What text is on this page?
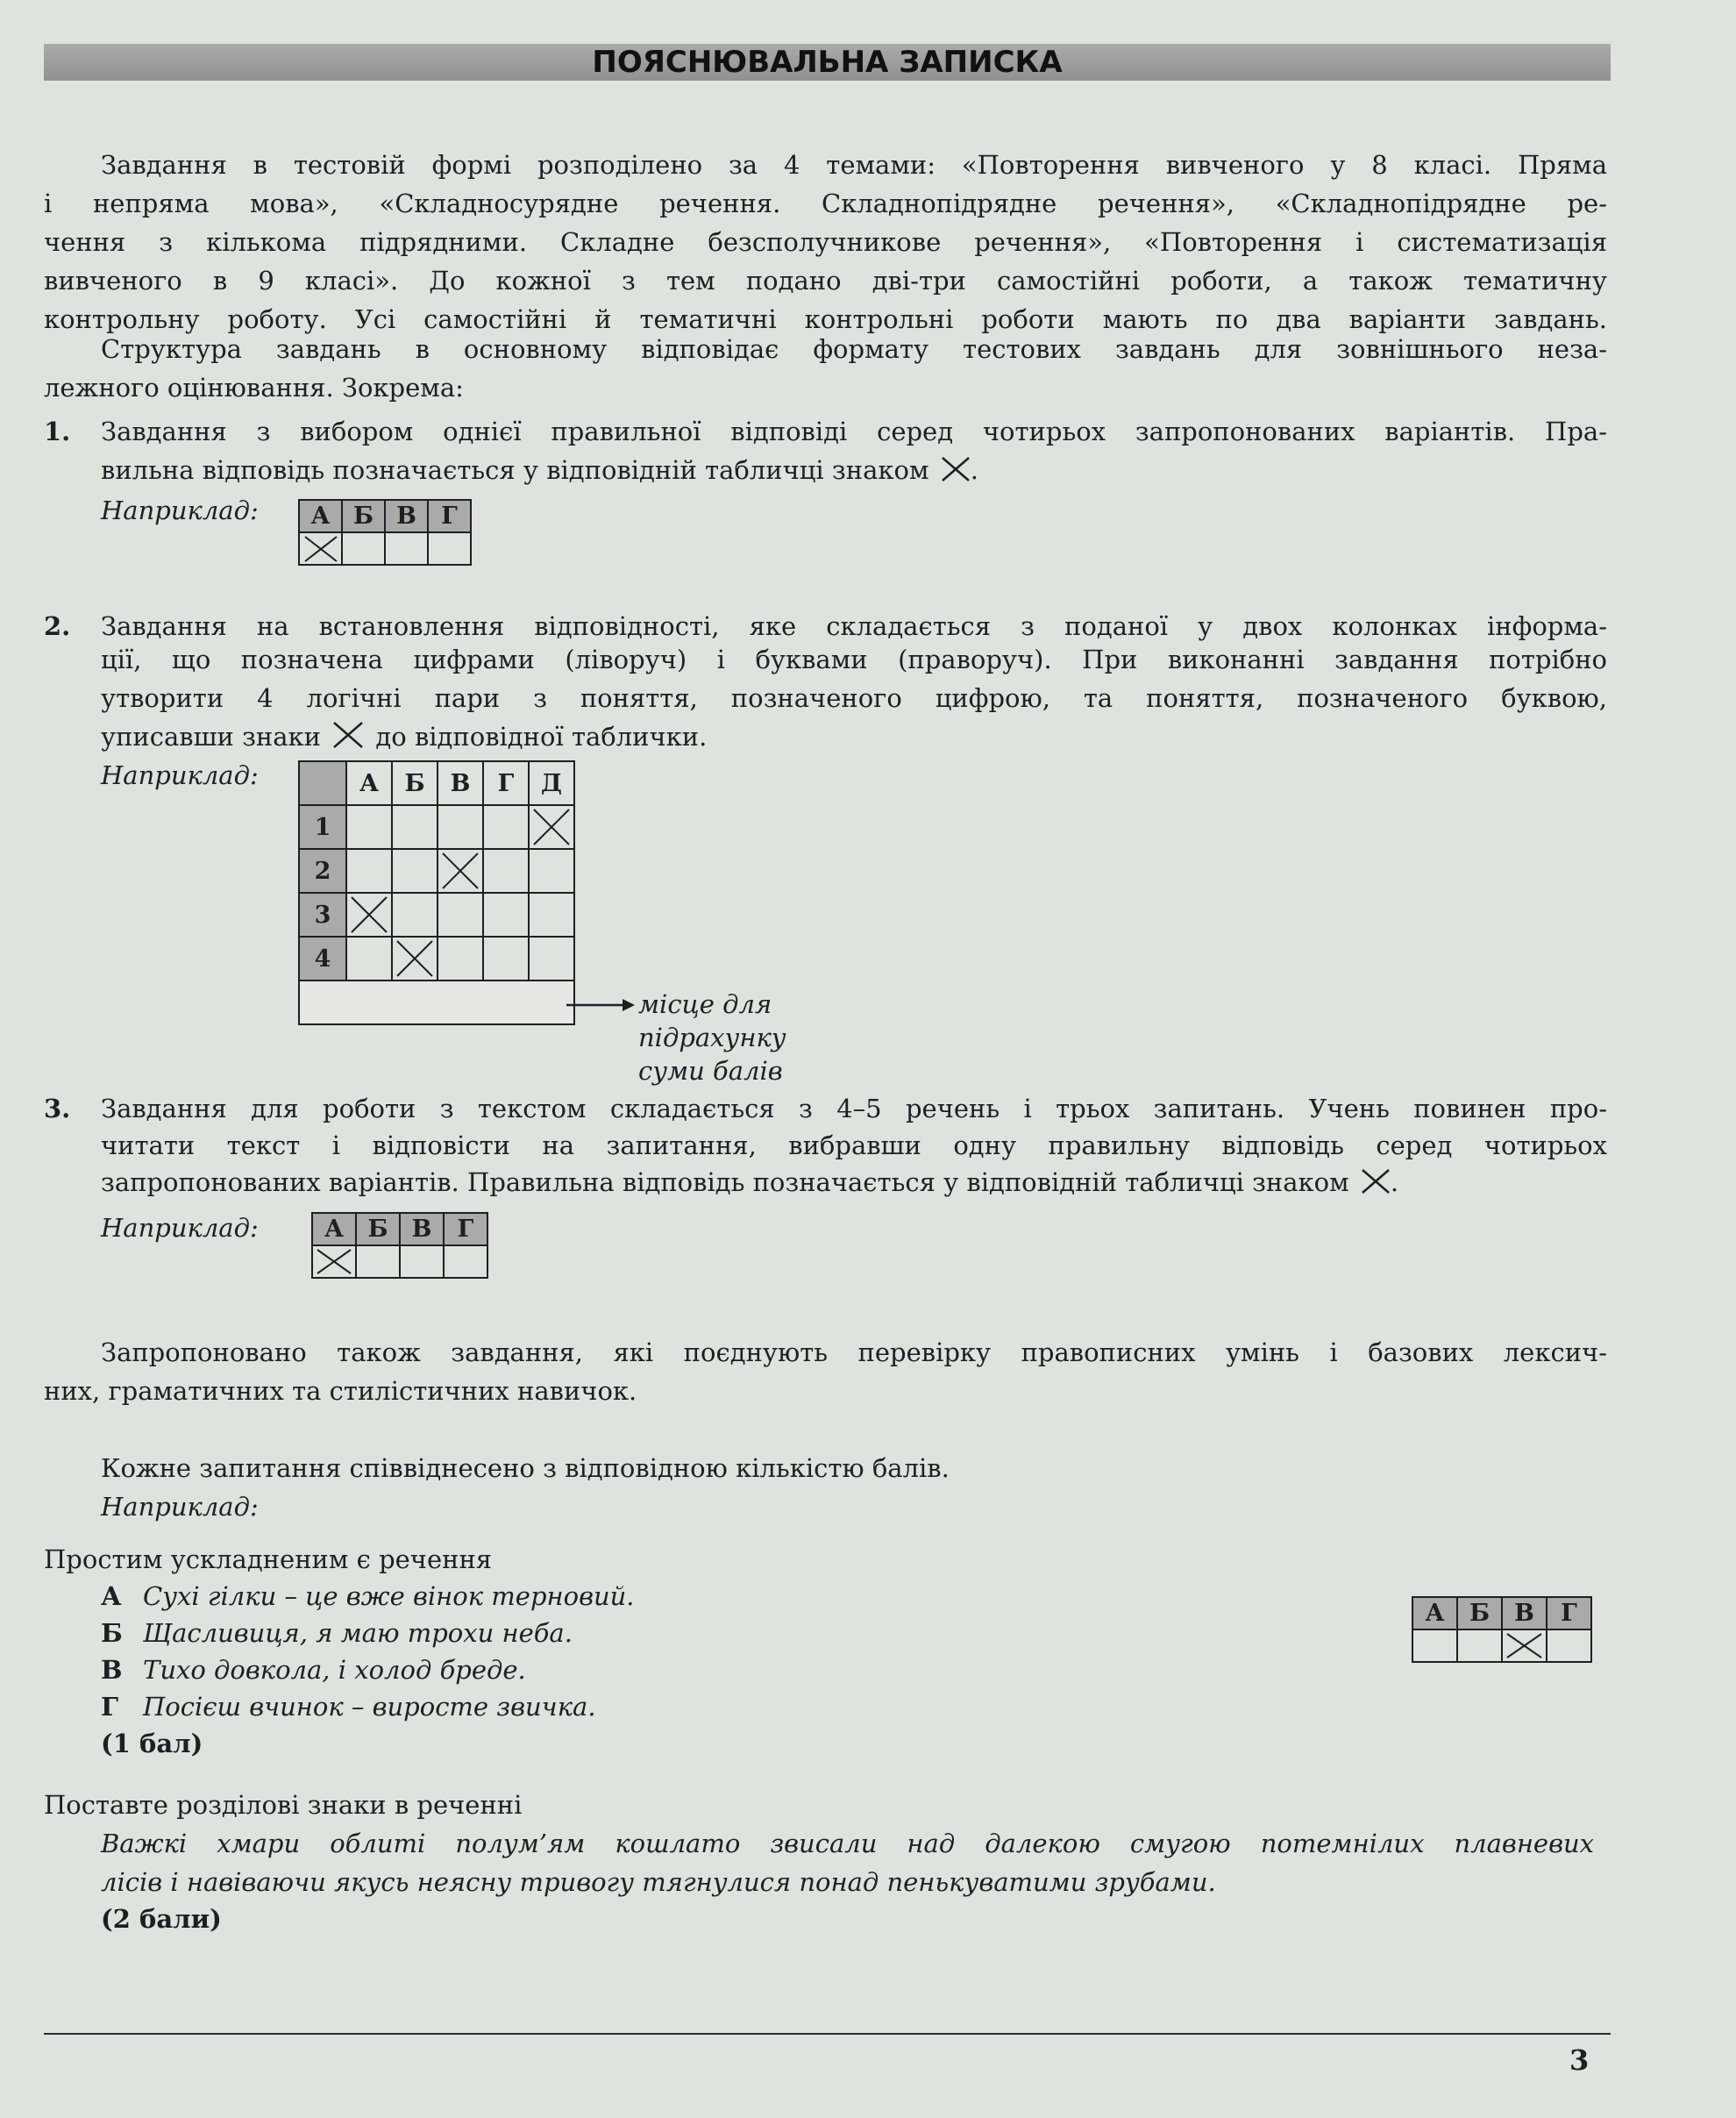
ПОЯСНЮВАЛЬНА ЗАПИСКА
Завдання в тестовій формі розподілено за 4 темами: «Повторення вивченого у 8 класі. Пряма
і непряма мова», «Складносурядне речення. Складнопідрядне речення», «Складнопідрядне ре-
чення з кількома підрядними. Складне безсполучникове речення», «Повторення і систематизація
вивченого в 9 класі». До кожної з тем подано дві-три самостійні роботи, а також тематичну
контрольну роботу. Усі самостійні й тематичні контрольні роботи мають по два варіанти завдань.
Структура завдань в основному відповідає формату тестових завдань для зовнішнього неза-
лежного оцінювання. Зокрема:
1. Завдання з вибором однієї правильної відповіді серед чотирьох запропонованих варіантів. Пра-
вильна відповідь позначається у відповідній табличці знаком .
Наприклад: А	Б	В	Г

2. Завдання на встановлення відповідності, яке складається з поданої у двох колонках інформа-
ції, що позначена цифрами (ліворуч) і буквами (праворуч). При виконанні завдання потрібно
утворити 4 логічні пари з поняття, позначеного цифрою, та поняття, позначеного буквою,
уписавши знаки до відповідної таблички.
Наприклад:
		А	Б	В	Г	Д
1					

2			

3	

4		

місце для
підрахунку
суми балів
3. Завдання для роботи з текстом складається з 4–5 речень і трьох запитань. Учень повинен про-
читати текст і відповісти на запитання, вибравши одну правильну відповідь серед чотирьох
запропонованих варіантів. Правильна відповідь позначається у відповідній табличці знаком .
Наприклад:	А	Б	В	Г

Запропоновано також завдання, які поєднують перевірку правописних умінь і базових лексич-
них, граматичних та стилістичних навичок.
Кожне запитання співвіднесено з відповідною кількістю балів.
Наприклад:
Простим ускладненим є речення
А Сухі гілки – це вже вінок терновий.
Б Щасливиця, я маю трохи неба.
В Тихо довкола, і холод бреде.
Г Посієш вчинок – виросте звичка.
(1 бал)
А	Б	В	Г

Поставте розділові знаки в реченні
Важкі хмари облиті полум’ям кошлато звисали над далекою смугою потемнілих плавневих
лісів і навіваючи якусь неясну тривогу тягнулися понад пенькуватими зрубами.
(2 бали)
3
